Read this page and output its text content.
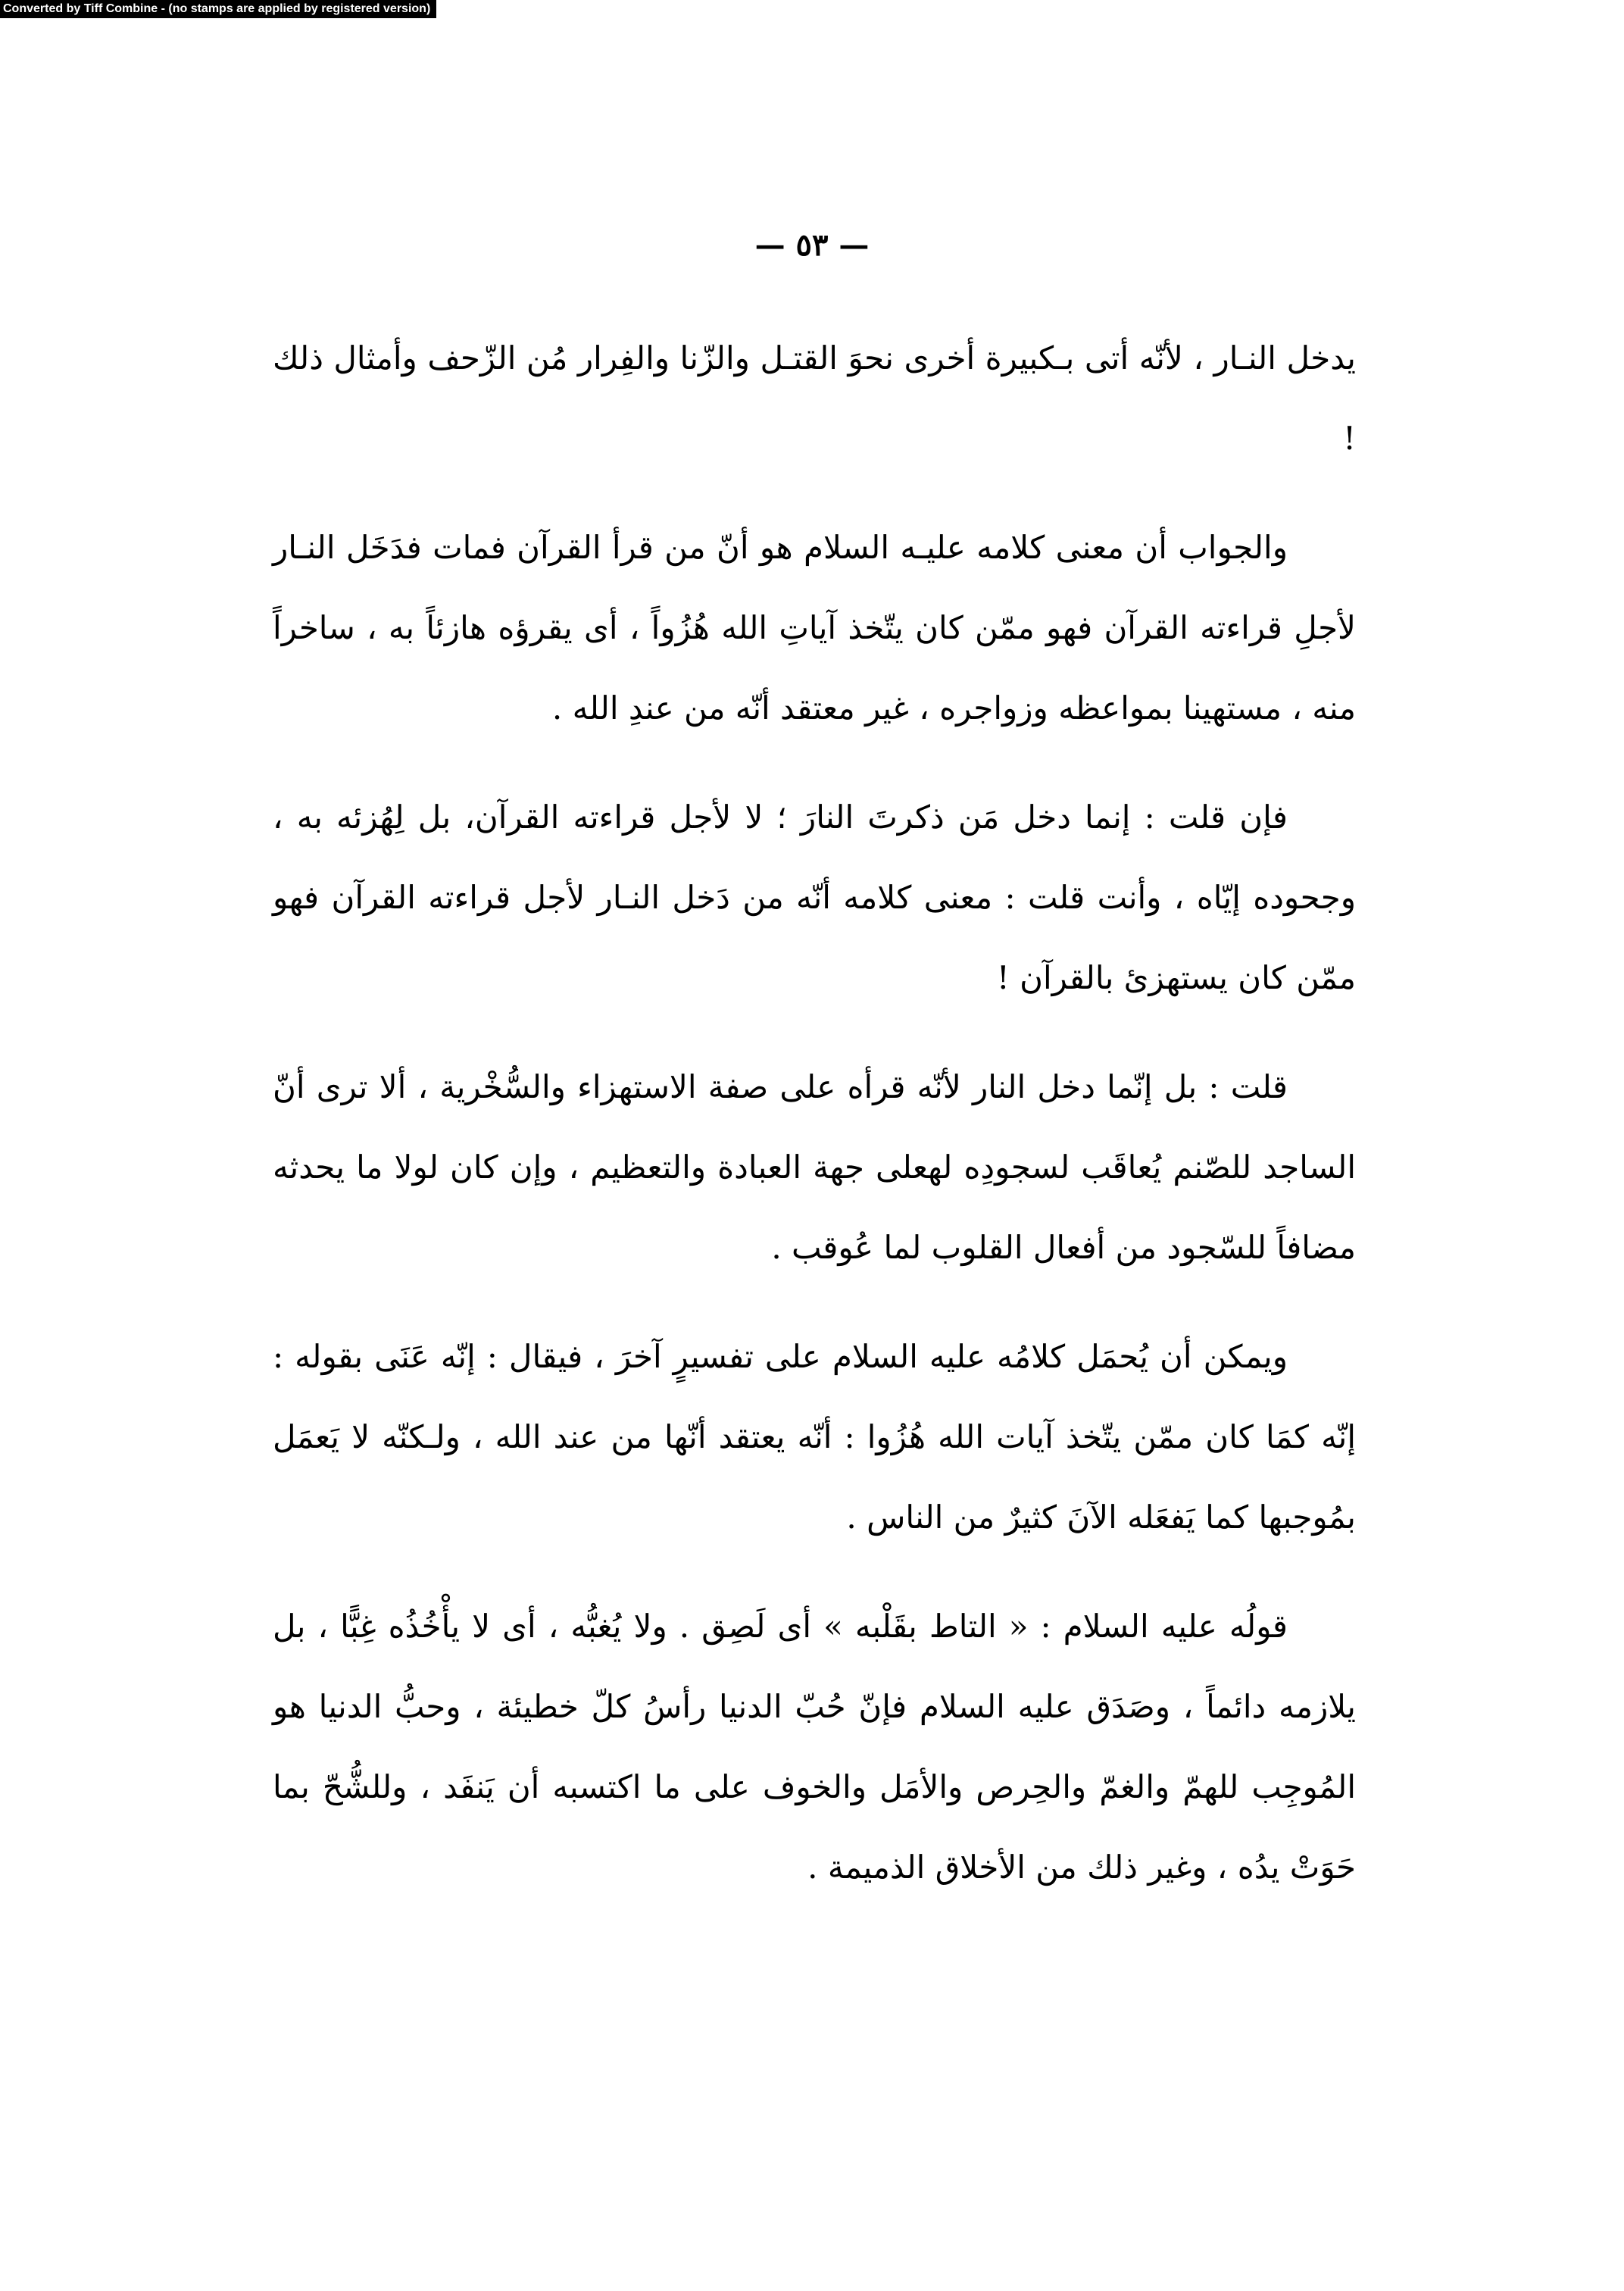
Converted by Tiff Combine - (no stamps are applied by registered version)
— ٥٣ —

يدخل النـار ، لأنّه أتى بـكبيرة أخرى نحوَ القتـل والزّنا والفِرار مُن الزّحف وأمثال ذلك !

والجواب أن معنى كلامه عليـه السلام هو أنّ من قرأ القرآن فمات فدَخَل النـار لأجلِ قراءته القرآن فهو ممّن كان يتّخذ آياتِ الله هُزُواً ، أى يقرؤه هازئاً به ، ساخراً منه ، مستهينا بمواعظه وزواجره ، غير معتقد أنّه من عندِ الله .

فإن قلت : إنما دخل مَن ذكرتَ النارَ ؛ لا لأجل قراءته القرآن، بل لِهُزئه به ، وجحوده إيّاه ، وأنت قلت : معنى كلامه أنّه من دَخل النـار لأجل قراءته القرآن فهو ممّن كان يستهزئ بالقرآن !

قلت : بل إنّما دخل النار لأنّه قرأه على صفة الاستهزاء والسُّخْرية ، ألا ترى أنّ الساجد للصّنم يُعاقَب لسجودِه لهعلى جهة العبادة والتعظيم ، وإن كان لولا ما يحدثه مضافاً للسّجود من أفعال القلوب لما عُوقب .

ويمكن أن يُحمَل كلامُه عليه السلام على تفسيرٍ آخرَ ، فيقال : إنّه عَنَى بقوله : إنّه كمَا كان ممّن يتّخذ آيات الله هُزُوا : أنّه يعتقد أنّها من عند الله ، ولـكنّه لا يَعمَل بمُوجبها كما يَفعَله الآنَ كثيرٌ من الناس .

قولُه عليه السلام : « التاط بقَلْبه » أى لَصِق . ولا يُغبُّه ، أى لا يأْخُذُه غِبًّا ، بل يلازمه دائماً ، وصَدَق عليه السلام فإنّ حُبّ الدنيا رأسُ كلّ خطيئة ، وحبُّ الدنيا هو المُوجِب للهمّ والغمّ والحِرص والأمَل والخوف على ما اكتسبه أن يَنفَد ، وللشُّحّ بما حَوَتْ يدُه ، وغير ذلك من الأخلاق الذميمة .
